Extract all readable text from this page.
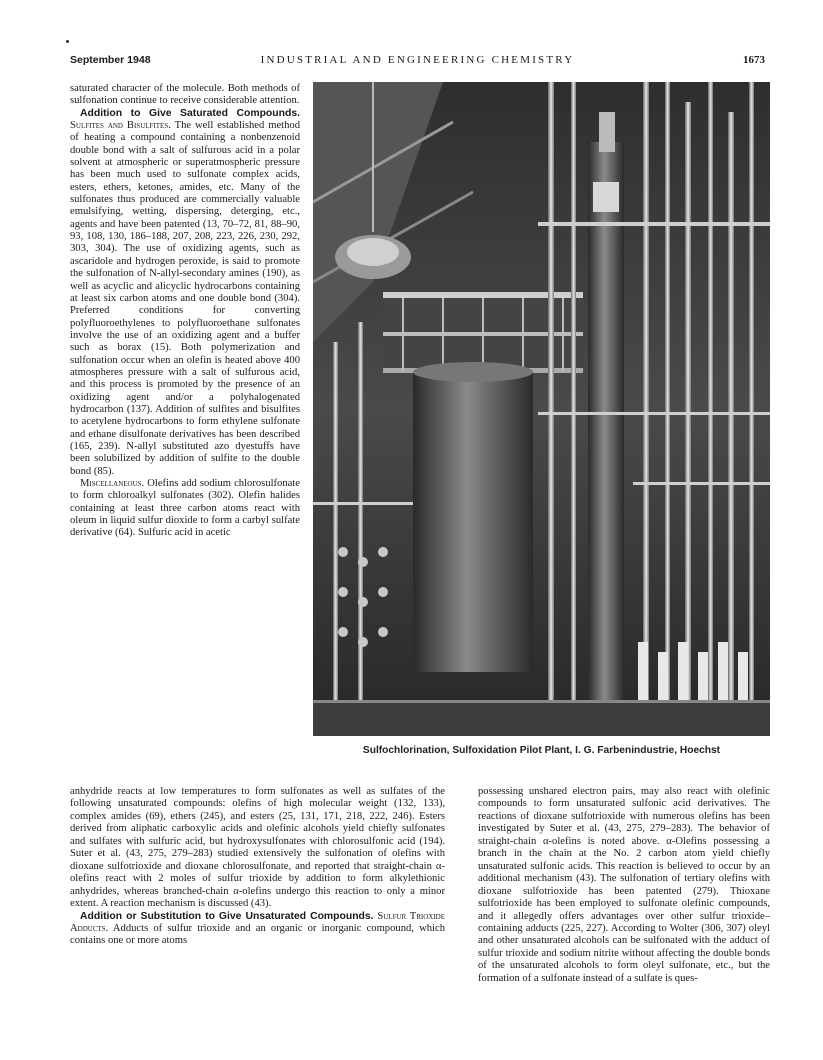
September 1948	INDUSTRIAL AND ENGINEERING CHEMISTRY	1673

saturated character of the molecule. Both methods of sulfonation continue to receive considerable attention.

Addition to Give Saturated Compounds. Sulfites and Bisulfites. The well established method of heating a compound containing a nonbenzenoid double bond with a salt of sulfurous acid in a polar solvent at atmospheric or superatmospheric pressure has been much used to sulfonate complex acids, esters, ethers, ketones, amides, etc. Many of the sulfonates thus produced are commercially valuable emulsifying, wetting, dispersing, deterging, etc., agents and have been patented (13, 70–72, 81, 88–90, 93, 108, 130, 186–188, 207, 208, 223, 226, 230, 292, 303, 304). The use of oxidizing agents, such as ascaridole and hydrogen peroxide, is said to promote the sulfonation of N-allyl-secondary amines (190), as well as acyclic and alicyclic hydrocarbons containing at least six carbon atoms and one double bond (304). Preferred conditions for converting polyfluoroethylenes to polyfluoroethane sulfonates involve the use of an oxidizing agent and a buffer such as borax (15). Both polymerization and sulfonation occur when an olefin is heated above 400 atmospheres pressure with a salt of sulfurous acid, and this process is promoted by the presence of an oxidizing agent and/or a polyhalogenated hydrocarbon (137). Addition of sulfites and bisulfites to acetylene hydrocarbons to form ethylene sulfonate and ethane disulfonate derivatives has been described (165, 239). N-allyl substituted azo dyestuffs have been solubilized by addition of sulfite to the double bond (85).

Miscellaneous. Olefins add sodium chlorosulfonate to form chloroalkyl sulfonates (302). Olefin halides containing at least three carbon atoms react with oleum in liquid sulfur dioxide to form a carbyl sulfate derivative (64). Sulfuric acid in acetic

Sulfochlorination, Sulfoxidation Pilot Plant, I. G. Farbenindustrie, Hoechst

anhydride reacts at low temperatures to form sulfonates as well as sulfates of the following unsaturated compounds: olefins of high molecular weight (132, 133), complex amides (69), ethers (245), and esters (25, 131, 171, 218, 222, 246). Esters derived from aliphatic carboxylic acids and olefinic alcohols yield chiefly sulfonates and sulfates with sulfuric acid, but hydroxysulfonates with chlorosulfonic acid (194). Suter et al. (43, 275, 279–283) studied extensively the sulfonation of olefins with dioxane sulfotrioxide and dioxane chlorosulfonate, and reported that straight-chain α-olefins react with 2 moles of sulfur trioxide by addition to form alkylethionic anhydrides, whereas branched-chain α-olefins undergo this reaction to only a minor extent. A reaction mechanism is discussed (43).

Addition or Substitution to Give Unsaturated Compounds. Sulfur Trioxide Adducts. Adducts of sulfur trioxide and an organic or inorganic compound, which contains one or more atoms

possessing unshared electron pairs, may also react with olefinic compounds to form unsaturated sulfonic acid derivatives. The reactions of dioxane sulfotrioxide with numerous olefins has been investigated by Suter et al. (43, 275, 279–283). The behavior of straight-chain α-olefins is noted above. α-Olefins possessing a branch in the chain at the No. 2 carbon atom yield chiefly unsaturated sulfonic acids. This reaction is believed to occur by an additional mechanism (43). The sulfonation of tertiary olefins with dioxane sulfotrioxide has been patented (279). Thioxane sulfotrioxide has been employed to sulfonate olefinic compounds, and it allegedly offers advantages over other sulfur trioxide–containing adducts (225, 227). According to Wolter (306, 307) oleyl and other unsaturated alcohols can be sulfonated with the adduct of sulfur trioxide and sodium nitrite without affecting the double bonds of the unsaturated alcohols to form oleyl sulfonate, etc., but the formation of a sulfonate instead of a sulfate is ques-
